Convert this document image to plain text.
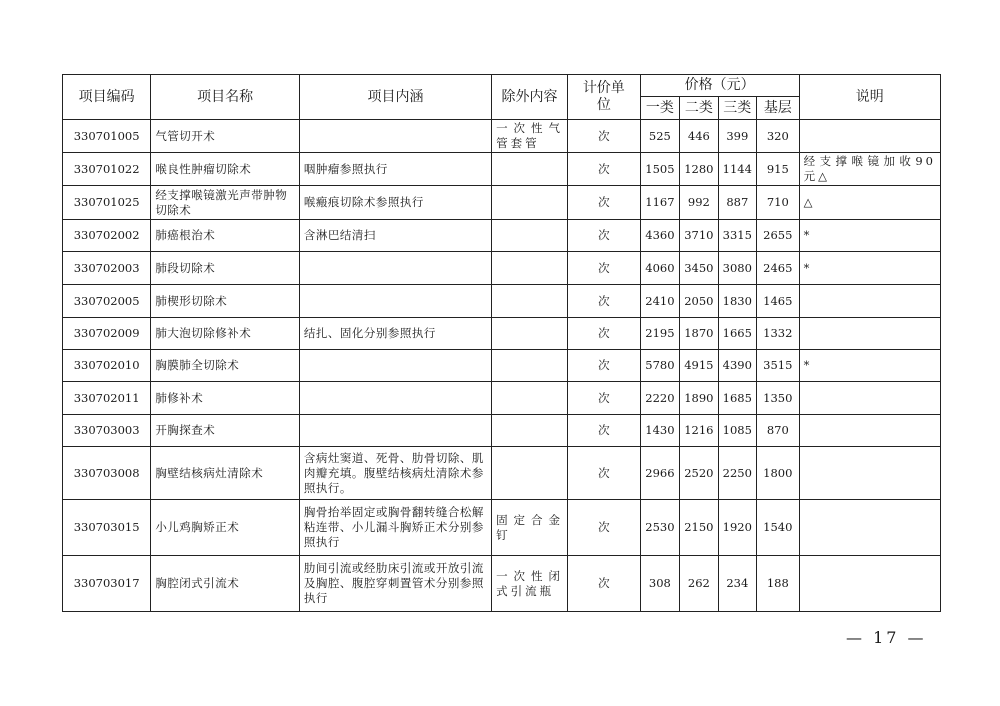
项目编码	项目名称	项目内涵	除外内容	计价单位	价格（元）				说明
					一类	二类	三类	基层	
330701005	气管切开术		一次性气管套管	次	525	446	399	320	
330701022	喉良性肿瘤切除术	咽肿瘤参照执行		次	1505	1280	1144	915	经支撑喉镜加收90元△
330701025	经支撑喉镜激光声带肿物切除术	喉瘢痕切除术参照执行		次	1167	992	887	710	△
330702002	肺癌根治术	含淋巴结清扫		次	4360	3710	3315	2655	*
330702003	肺段切除术			次	4060	3450	3080	2465	*
330702005	肺楔形切除术			次	2410	2050	1830	1465	
330702009	肺大泡切除修补术	结扎、固化分别参照执行		次	2195	1870	1665	1332	
330702010	胸膜肺全切除术			次	5780	4915	4390	3515	*
330702011	肺修补术			次	2220	1890	1685	1350	
330703003	开胸探查术			次	1430	1216	1085	870	
330703008	胸壁结核病灶清除术	含病灶窦道、死骨、肋骨切除、肌肉瓣充填。腹壁结核病灶清除术参照执行。		次	2966	2520	2250	1800	
330703015	小儿鸡胸矫正术	胸骨抬举固定或胸骨翻转缝合松解粘连带、小儿漏斗胸矫正术分别参照执行	固定合金钉	次	2530	2150	1920	1540	
330703017	胸腔闭式引流术	肋间引流或经肋床引流或开放引流及胸腔、腹腔穿刺置管术分别参照执行	一次性闭式引流瓶	次	308	262	234	188	
— 17 —
